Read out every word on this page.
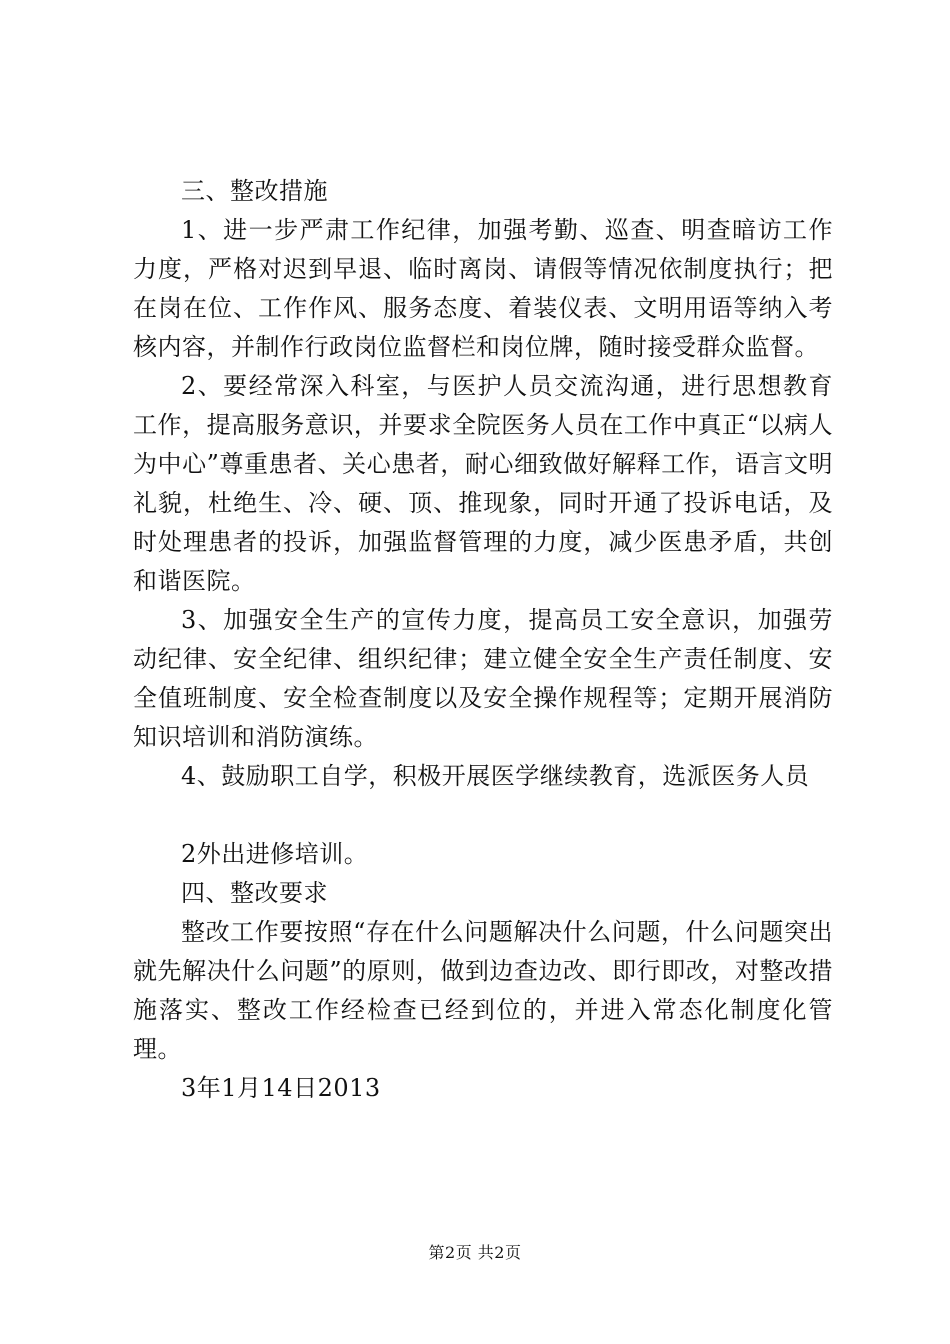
三、整改措施

1、进一步严肃工作纪律，加强考勤、巡查、明查暗访工作力度，严格对迟到早退、临时离岗、请假等情况依制度执行；把在岗在位、工作作风、服务态度、着装仪表、文明用语等纳入考核内容，并制作行政岗位监督栏和岗位牌，随时接受群众监督。

2、要经常深入科室，与医护人员交流沟通，进行思想教育工作，提高服务意识，并要求全院医务人员在工作中真正“以病人为中心”尊重患者、关心患者，耐心细致做好解释工作，语言文明礼貌，杜绝生、冷、硬、顶、推现象，同时开通了投诉电话，及时处理患者的投诉，加强监督管理的力度，减少医患矛盾，共创和谐医院。

3、加强安全生产的宣传力度，提高员工安全意识，加强劳动纪律、安全纪律、组织纪律；建立健全安全生产责任制度、安全值班制度、安全检查制度以及安全操作规程等；定期开展消防知识培训和消防演练。

4、鼓励职工自学，积极开展医学继续教育，选派医务人员

2外出进修培训。

四、整改要求

整改工作要按照“存在什么问题解决什么问题，什么问题突出就先解决什么问题”的原则，做到边查边改、即行即改，对整改措施落实、整改工作经检查已经到位的，并进入常态化制度化管理。

3年1月14日2013

第2页 共2页
